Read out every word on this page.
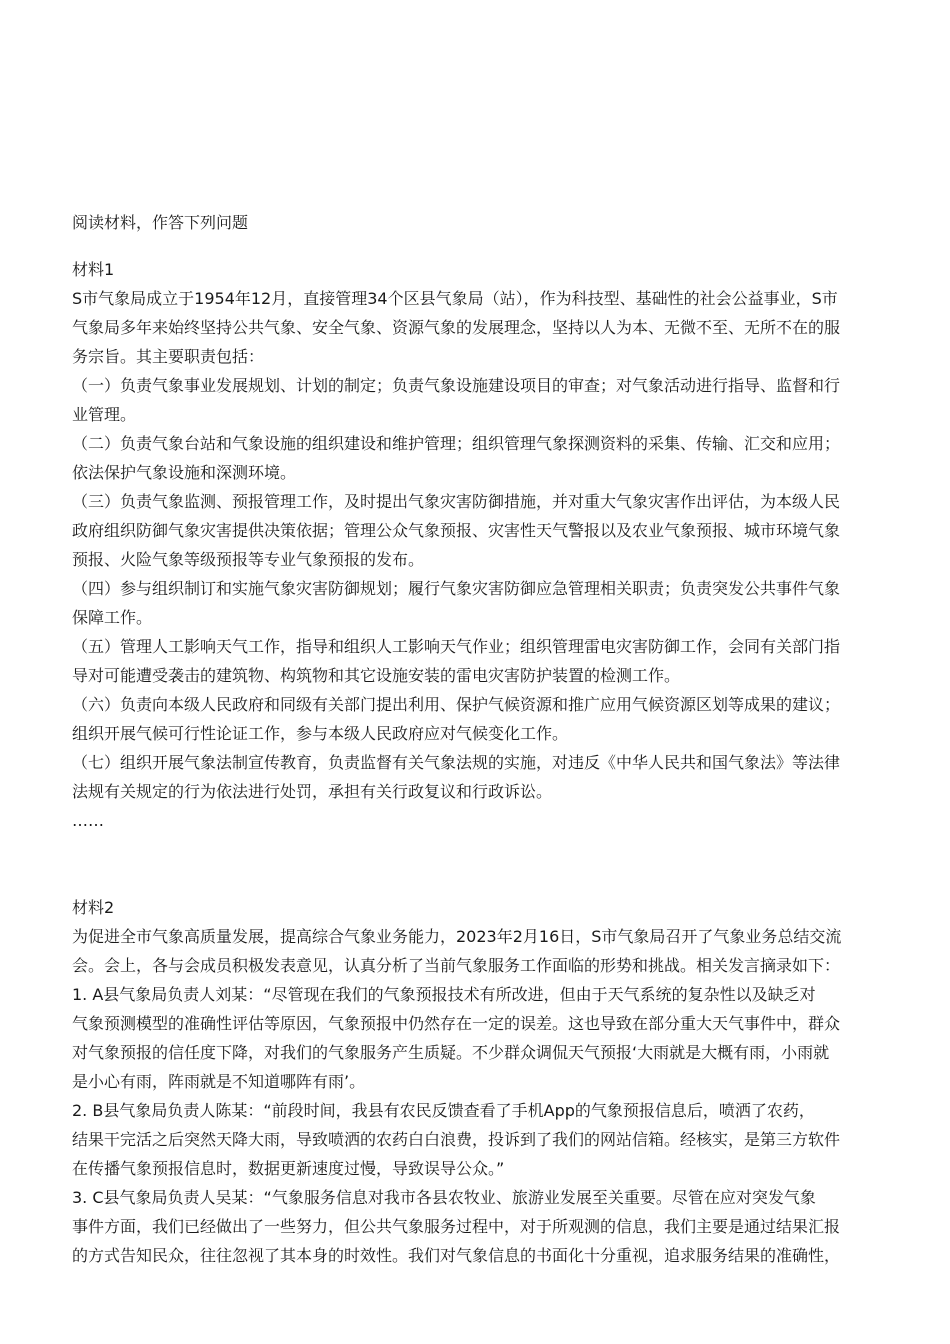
阅读材料，作答下列问题
材料1
S市气象局成立于1954年12月，直接管理34个区县气象局（站），作为科技型、基础性的社会公益事业，S市
气象局多年来始终坚持公共气象、安全气象、资源气象的发展理念，坚持以人为本、无微不至、无所不在的服
务宗旨。其主要职责包括：
（一）负责气象事业发展规划、计划的制定；负责气象设施建设项目的审查；对气象活动进行指导、监督和行
业管理。
（二）负责气象台站和气象设施的组织建设和维护管理；组织管理气象探测资料的采集、传输、汇交和应用；
依法保护气象设施和深测环境。
（三）负责气象监测、预报管理工作，及时提出气象灾害防御措施，并对重大气象灾害作出评估，为本级人民
政府组织防御气象灾害提供决策依据；管理公众气象预报、灾害性天气警报以及农业气象预报、城市环境气象
预报、火险气象等级预报等专业气象预报的发布。
（四）参与组织制订和实施气象灾害防御规划；履行气象灾害防御应急管理相关职责；负责突发公共事件气象
保障工作。
（五）管理人工影响天气工作，指导和组织人工影响天气作业；组织管理雷电灾害防御工作，会同有关部门指
导对可能遭受袭击的建筑物、构筑物和其它设施安装的雷电灾害防护装置的检测工作。
（六）负责向本级人民政府和同级有关部门提出利用、保护气候资源和推广应用气候资源区划等成果的建议；
组织开展气候可行性论证工作，参与本级人民政府应对气候变化工作。
（七）组织开展气象法制宣传教育，负责监督有关气象法规的实施，对违反《中华人民共和国气象法》等法律
法规有关规定的行为依法进行处罚，承担有关行政复议和行政诉讼。
……
材料2
为促进全市气象高质量发展，提高综合气象业务能力，2023年2月16日，S市气象局召开了气象业务总结交流
会。会上，各与会成员积极发表意见，认真分析了当前气象服务工作面临的形势和挑战。相关发言摘录如下：
1. A县气象局负责人刘某：“尽管现在我们的气象预报技术有所改进，但由于天气系统的复杂性以及缺乏对
气象预测模型的准确性评估等原因，气象预报中仍然存在一定的误差。这也导致在部分重大天气事件中，群众
对气象预报的信任度下降，对我们的气象服务产生质疑。不少群众调侃天气预报‘大雨就是大概有雨，小雨就
是小心有雨，阵雨就是不知道哪阵有雨’。
2. B县气象局负责人陈某：“前段时间，我县有农民反馈查看了手机App的气象预报信息后，喷洒了农药，
结果干完活之后突然天降大雨，导致喷洒的农药白白浪费，投诉到了我们的网站信箱。经核实，是第三方软件
在传播气象预报信息时，数据更新速度过慢，导致误导公众。”
3. C县气象局负责人吴某：“气象服务信息对我市各县农牧业、旅游业发展至关重要。尽管在应对突发气象
事件方面，我们已经做出了一些努力，但公共气象服务过程中，对于所观测的信息，我们主要是通过结果汇报
的方式告知民众，往往忽视了其本身的时效性。我们对气象信息的书面化十分重视，追求服务结果的准确性，
